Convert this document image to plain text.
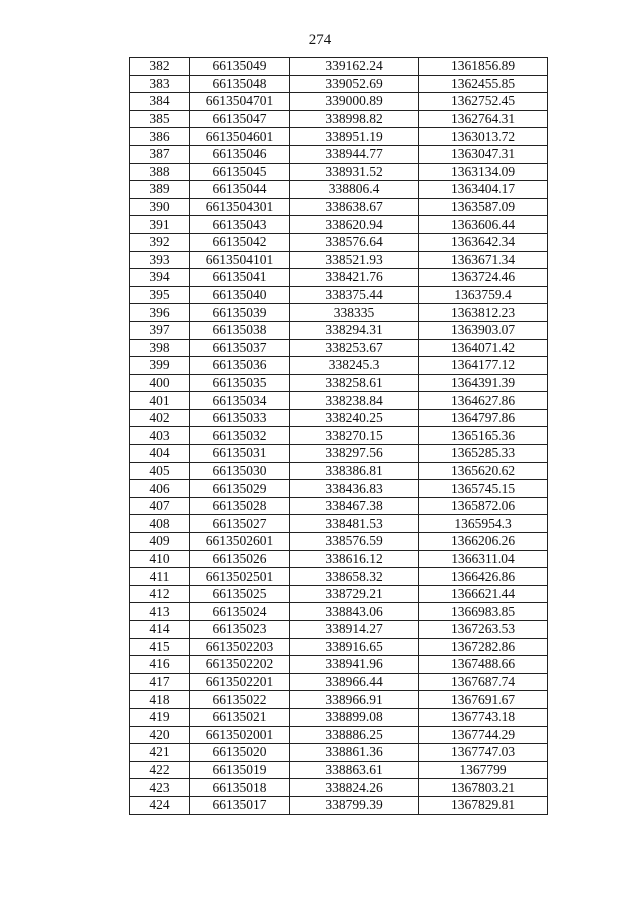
274
382	66135049	339162.24	1361856.89
383	66135048	339052.69	1362455.85
384	6613504701	339000.89	1362752.45
385	66135047	338998.82	1362764.31
386	6613504601	338951.19	1363013.72
387	66135046	338944.77	1363047.31
388	66135045	338931.52	1363134.09
389	66135044	338806.4	1363404.17
390	6613504301	338638.67	1363587.09
391	66135043	338620.94	1363606.44
392	66135042	338576.64	1363642.34
393	6613504101	338521.93	1363671.34
394	66135041	338421.76	1363724.46
395	66135040	338375.44	1363759.4
396	66135039	338335	1363812.23
397	66135038	338294.31	1363903.07
398	66135037	338253.67	1364071.42
399	66135036	338245.3	1364177.12
400	66135035	338258.61	1364391.39
401	66135034	338238.84	1364627.86
402	66135033	338240.25	1364797.86
403	66135032	338270.15	1365165.36
404	66135031	338297.56	1365285.33
405	66135030	338386.81	1365620.62
406	66135029	338436.83	1365745.15
407	66135028	338467.38	1365872.06
408	66135027	338481.53	1365954.3
409	6613502601	338576.59	1366206.26
410	66135026	338616.12	1366311.04
411	6613502501	338658.32	1366426.86
412	66135025	338729.21	1366621.44
413	66135024	338843.06	1366983.85
414	66135023	338914.27	1367263.53
415	6613502203	338916.65	1367282.86
416	6613502202	338941.96	1367488.66
417	6613502201	338966.44	1367687.74
418	66135022	338966.91	1367691.67
419	66135021	338899.08	1367743.18
420	6613502001	338886.25	1367744.29
421	66135020	338861.36	1367747.03
422	66135019	338863.61	1367799
423	66135018	338824.26	1367803.21
424	66135017	338799.39	1367829.81
